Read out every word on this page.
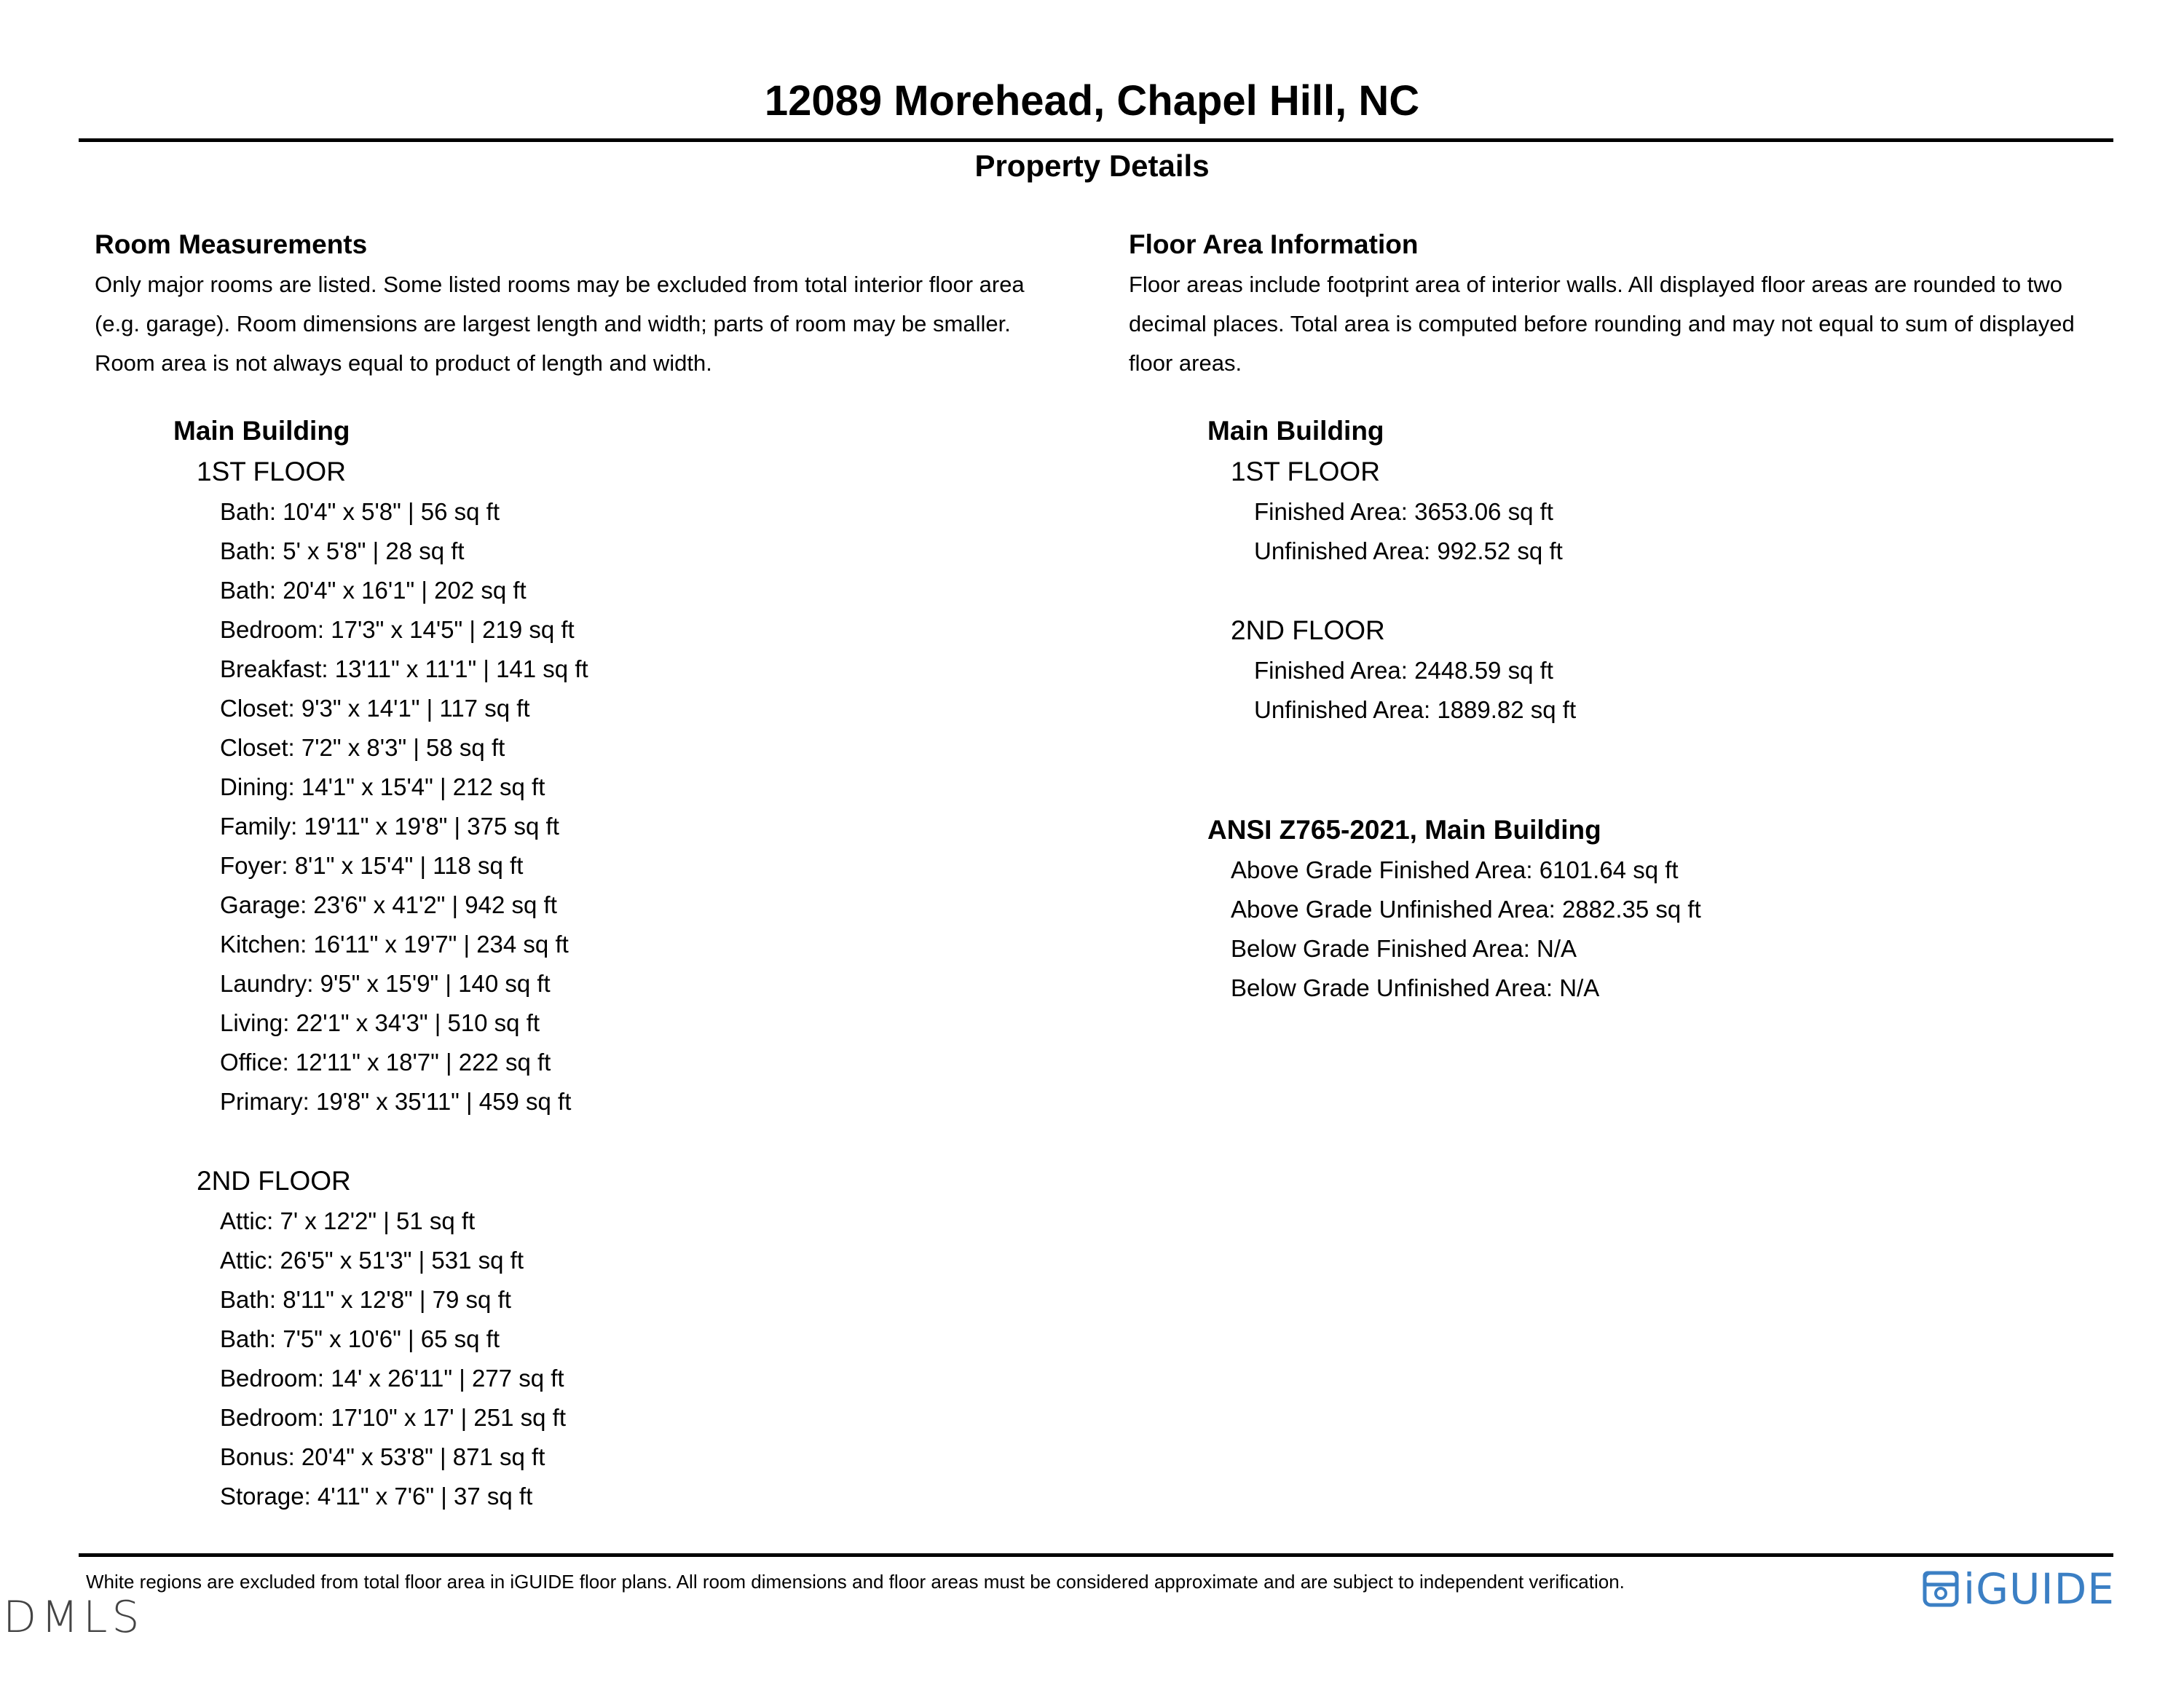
12089 Morehead, Chapel Hill, NC
Property Details
Room Measurements
Only major rooms are listed. Some listed rooms may be excluded from total interior floor area
(e.g. garage). Room dimensions are largest length and width; parts of room may be smaller.
Room area is not always equal to product of length and width.
Main Building
1ST FLOOR
Bath: 10'4" x 5'8" | 56 sq ft
Bath: 5' x 5'8" | 28 sq ft
Bath: 20'4" x 16'1" | 202 sq ft
Bedroom: 17'3" x 14'5" | 219 sq ft
Breakfast: 13'11" x 11'1" | 141 sq ft
Closet: 9'3" x 14'1" | 117 sq ft
Closet: 7'2" x 8'3" | 58 sq ft
Dining: 14'1" x 15'4" | 212 sq ft
Family: 19'11" x 19'8" | 375 sq ft
Foyer: 8'1" x 15'4" | 118 sq ft
Garage: 23'6" x 41'2" | 942 sq ft
Kitchen: 16'11" x 19'7" | 234 sq ft
Laundry: 9'5" x 15'9" | 140 sq ft
Living: 22'1" x 34'3" | 510 sq ft
Office: 12'11" x 18'7" | 222 sq ft
Primary: 19'8" x 35'11" | 459 sq ft
2ND FLOOR
Attic: 7' x 12'2" | 51 sq ft
Attic: 26'5" x 51'3" | 531 sq ft
Bath: 8'11" x 12'8" | 79 sq ft
Bath: 7'5" x 10'6" | 65 sq ft
Bedroom: 14' x 26'11" | 277 sq ft
Bedroom: 17'10" x 17' | 251 sq ft
Bonus: 20'4" x 53'8" | 871 sq ft
Storage: 4'11" x 7'6" | 37 sq ft
Floor Area Information
Floor areas include footprint area of interior walls. All displayed floor areas are rounded to two
decimal places. Total area is computed before rounding and may not equal to sum of displayed
floor areas.
Main Building
1ST FLOOR
Finished Area: 3653.06 sq ft
Unfinished Area: 992.52 sq ft
2ND FLOOR
Finished Area: 2448.59 sq ft
Unfinished Area: 1889.82 sq ft
ANSI Z765-2021, Main Building
Above Grade Finished Area: 6101.64 sq ft
Above Grade Unfinished Area: 2882.35 sq ft
Below Grade Finished Area: N/A
Below Grade Unfinished Area: N/A
White regions are excluded from total floor area in iGUIDE floor plans. All room dimensions and floor areas must be considered approximate and are subject to independent verification.	iGUIDE
DMLS
